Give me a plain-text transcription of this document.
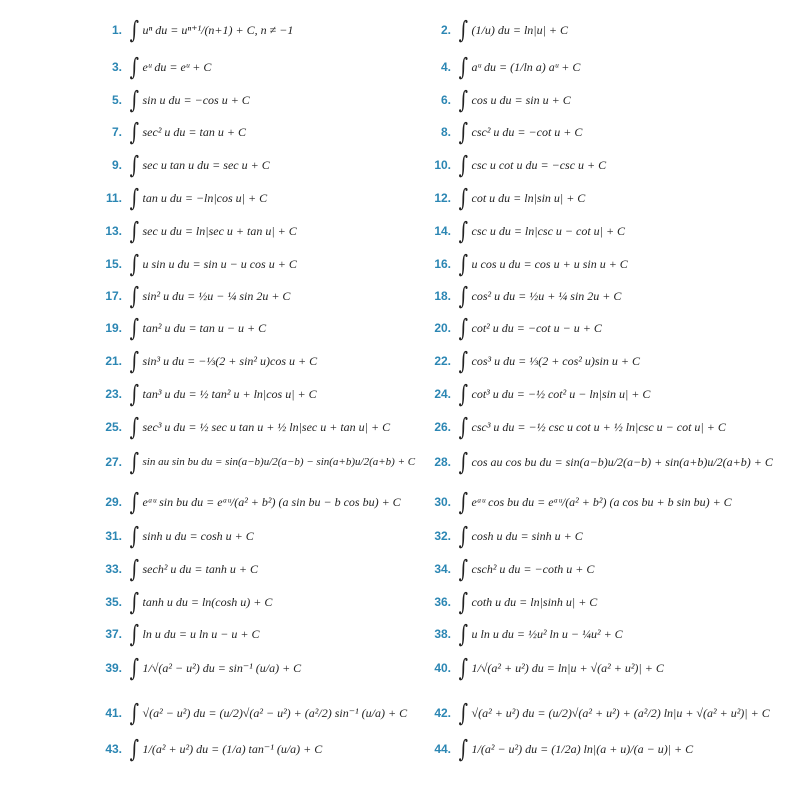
1. ∫ uⁿ du = uⁿ⁺¹/(n+1) + C, n ≠ −1	2. ∫ (1/u) du = ln|u| + C
3. ∫ eᵘ du = eᵘ + C	4. ∫ aᵘ du = (1/ln a) aᵘ + C
5. ∫ sin u du = −cos u + C	6. ∫ cos u du = sin u + C
7. ∫ sec² u du = tan u + C	8. ∫ csc² u du = −cot u + C
9. ∫ sec u tan u du = sec u + C	10. ∫ csc u cot u du = −csc u + C
11. ∫ tan u du = −ln|cos u| + C	12. ∫ cot u du = ln|sin u| + C
13. ∫ sec u du = ln|sec u + tan u| + C	14. ∫ csc u du = ln|csc u − cot u| + C
15. ∫ u sin u du = sin u − u cos u + C	16. ∫ u cos u du = cos u + u sin u + C
17. ∫ sin² u du = ½u − ¼ sin 2u + C	18. ∫ cos² u du = ½u + ¼ sin 2u + C
19. ∫ tan² u du = tan u − u + C	20. ∫ cot² u du = −cot u − u + C
21. ∫ sin³ u du = −⅓(2 + sin² u)cos u + C	22. ∫ cos³ u du = ⅓(2 + cos² u)sin u + C
23. ∫ tan³ u du = ½ tan² u + ln|cos u| + C	24. ∫ cot³ u du = −½ cot² u − ln|sin u| + C
25. ∫ sec³ u du = ½ sec u tan u + ½ ln|sec u + tan u| + C	26. ∫ csc³ u du = −½ csc u cot u + ½ ln|csc u − cot u| + C
27. ∫ sin au sin bu du = sin(a−b)u/2(a−b) − sin(a+b)u/2(a+b) + C	28. ∫ cos au cos bu du = sin(a−b)u/2(a−b) + sin(a+b)u/2(a+b) + C
29. ∫ eᵃᵘ sin bu du = eᵃᵘ/(a² + b²) (a sin bu − b cos bu) + C	30. ∫ eᵃᵘ cos bu du = eᵃᵘ/(a² + b²) (a cos bu + b sin bu) + C
31. ∫ sinh u du = cosh u + C	32. ∫ cosh u du = sinh u + C
33. ∫ sech² u du = tanh u + C	34. ∫ csch² u du = −coth u + C
35. ∫ tanh u du = ln(cosh u) + C	36. ∫ coth u du = ln|sinh u| + C
37. ∫ ln u du = u ln u − u + C	38. ∫ u ln u du = ½u² ln u − ¼u² + C
39. ∫ 1/√(a² − u²) du = sin⁻¹ (u/a) + C	40. ∫ 1/√(a² + u²) du = ln|u + √(a² + u²)| + C
41. ∫ √(a² − u²) du = (u/2)√(a² − u²) + (a²/2) sin⁻¹ (u/a) + C	42. ∫ √(a² + u²) du = (u/2)√(a² + u²) + (a²/2) ln|u + √(a² + u²)| + C
43. ∫ 1/(a² + u²) du = (1/a) tan⁻¹ (u/a) + C	44. ∫ 1/(a² − u²) du = (1/2a) ln|(a + u)/(a − u)| + C
